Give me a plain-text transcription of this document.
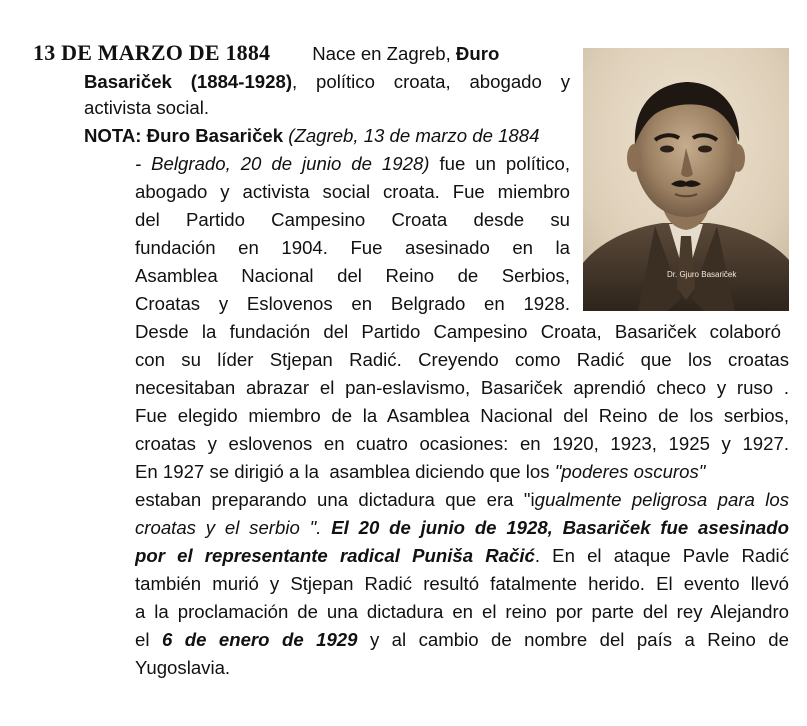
Dr. Gjuro Basariček
13 DE MARZO DE 1884 Nace en Zagreb, Đuro
Basariček (1884-1928), político croata, abogado y
activista social.
NOTA: Đuro Basariček (Zagreb, 13 de marzo de 1884
- Belgrado, 20 de junio de 1928) fue un político,
abogado y activista social croata. Fue miembro
del Partido Campesino Croata desde su
fundación en 1904. Fue asesinado en la
Asamblea Nacional del Reino de Serbios,
Croatas y Eslovenos en Belgrado en 1928.
Desde la fundación del Partido Campesino Croata, Basariček colaboró
con su líder Stjepan Radić. Creyendo como Radić que los croatas
necesitaban abrazar el pan-eslavismo, Basariček aprendió checo y ruso .
Fue elegido miembro de la Asamblea Nacional del Reino de los serbios,
croatas y eslovenos en cuatro ocasiones: en 1920, 1923, 1925 y 1927.
En 1927 se dirigió a la  asamblea diciendo que los "poderes oscuros"
estaban preparando una dictadura que era "igualmente peligrosa para los
croatas y el serbio ". El 20 de junio de 1928, Basariček fue asesinado
por el representante radical Puniša Račić. En el ataque Pavle Radić
también murió y Stjepan Radić resultó fatalmente herido. El evento llevó
a la proclamación de una dictadura en el reino por parte del rey Alejandro
el 6 de enero de 1929 y al cambio de nombre del país a Reino de
Yugoslavia.
